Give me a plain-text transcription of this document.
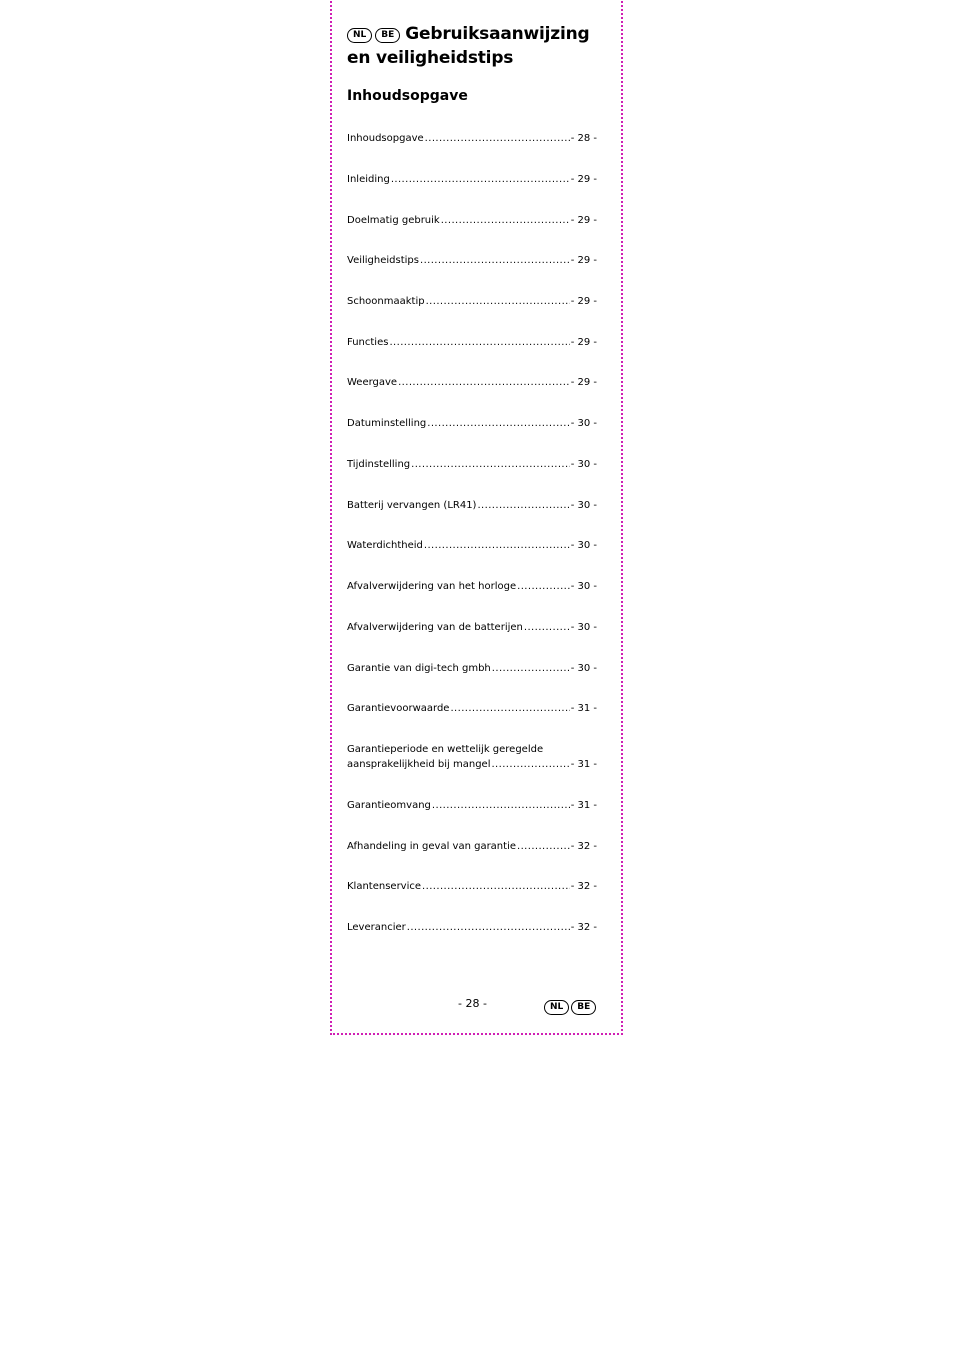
NL BE Gebruiksaanwijzing
en veiligheidstips
Inhoudsopgave
Inhoudsopgave .....	- 28 -
Inleiding .....	- 29 -
Doelmatig gebruik .....	- 29 -
Veiligheidstips .....	- 29 -
Schoonmaaktip .....	- 29 -
Functies .....	- 29 -
Weergave .....	- 29 -
Datuminstelling .....	- 30 -
Tijdinstelling .....	- 30 -
Batterij vervangen (LR41) .....	- 30 -
Waterdichtheid .....	- 30 -
Afvalverwijdering van het horloge .....	- 30 -
Afvalverwijdering van de batterijen .....	- 30 -
Garantie van digi-tech gmbh .....	- 30 -
Garantievoorwaarde .....	- 31 -
Garantieperiode en wettelijk geregelde
aansprakelijkheid bij mangel .....	- 31 -
Garantieomvang .....	- 31 -
Afhandeling in geval van garantie .....	- 32 -
Klantenservice .....	- 32 -
Leverancier .....	- 32 -
- 28 -	NL BE
